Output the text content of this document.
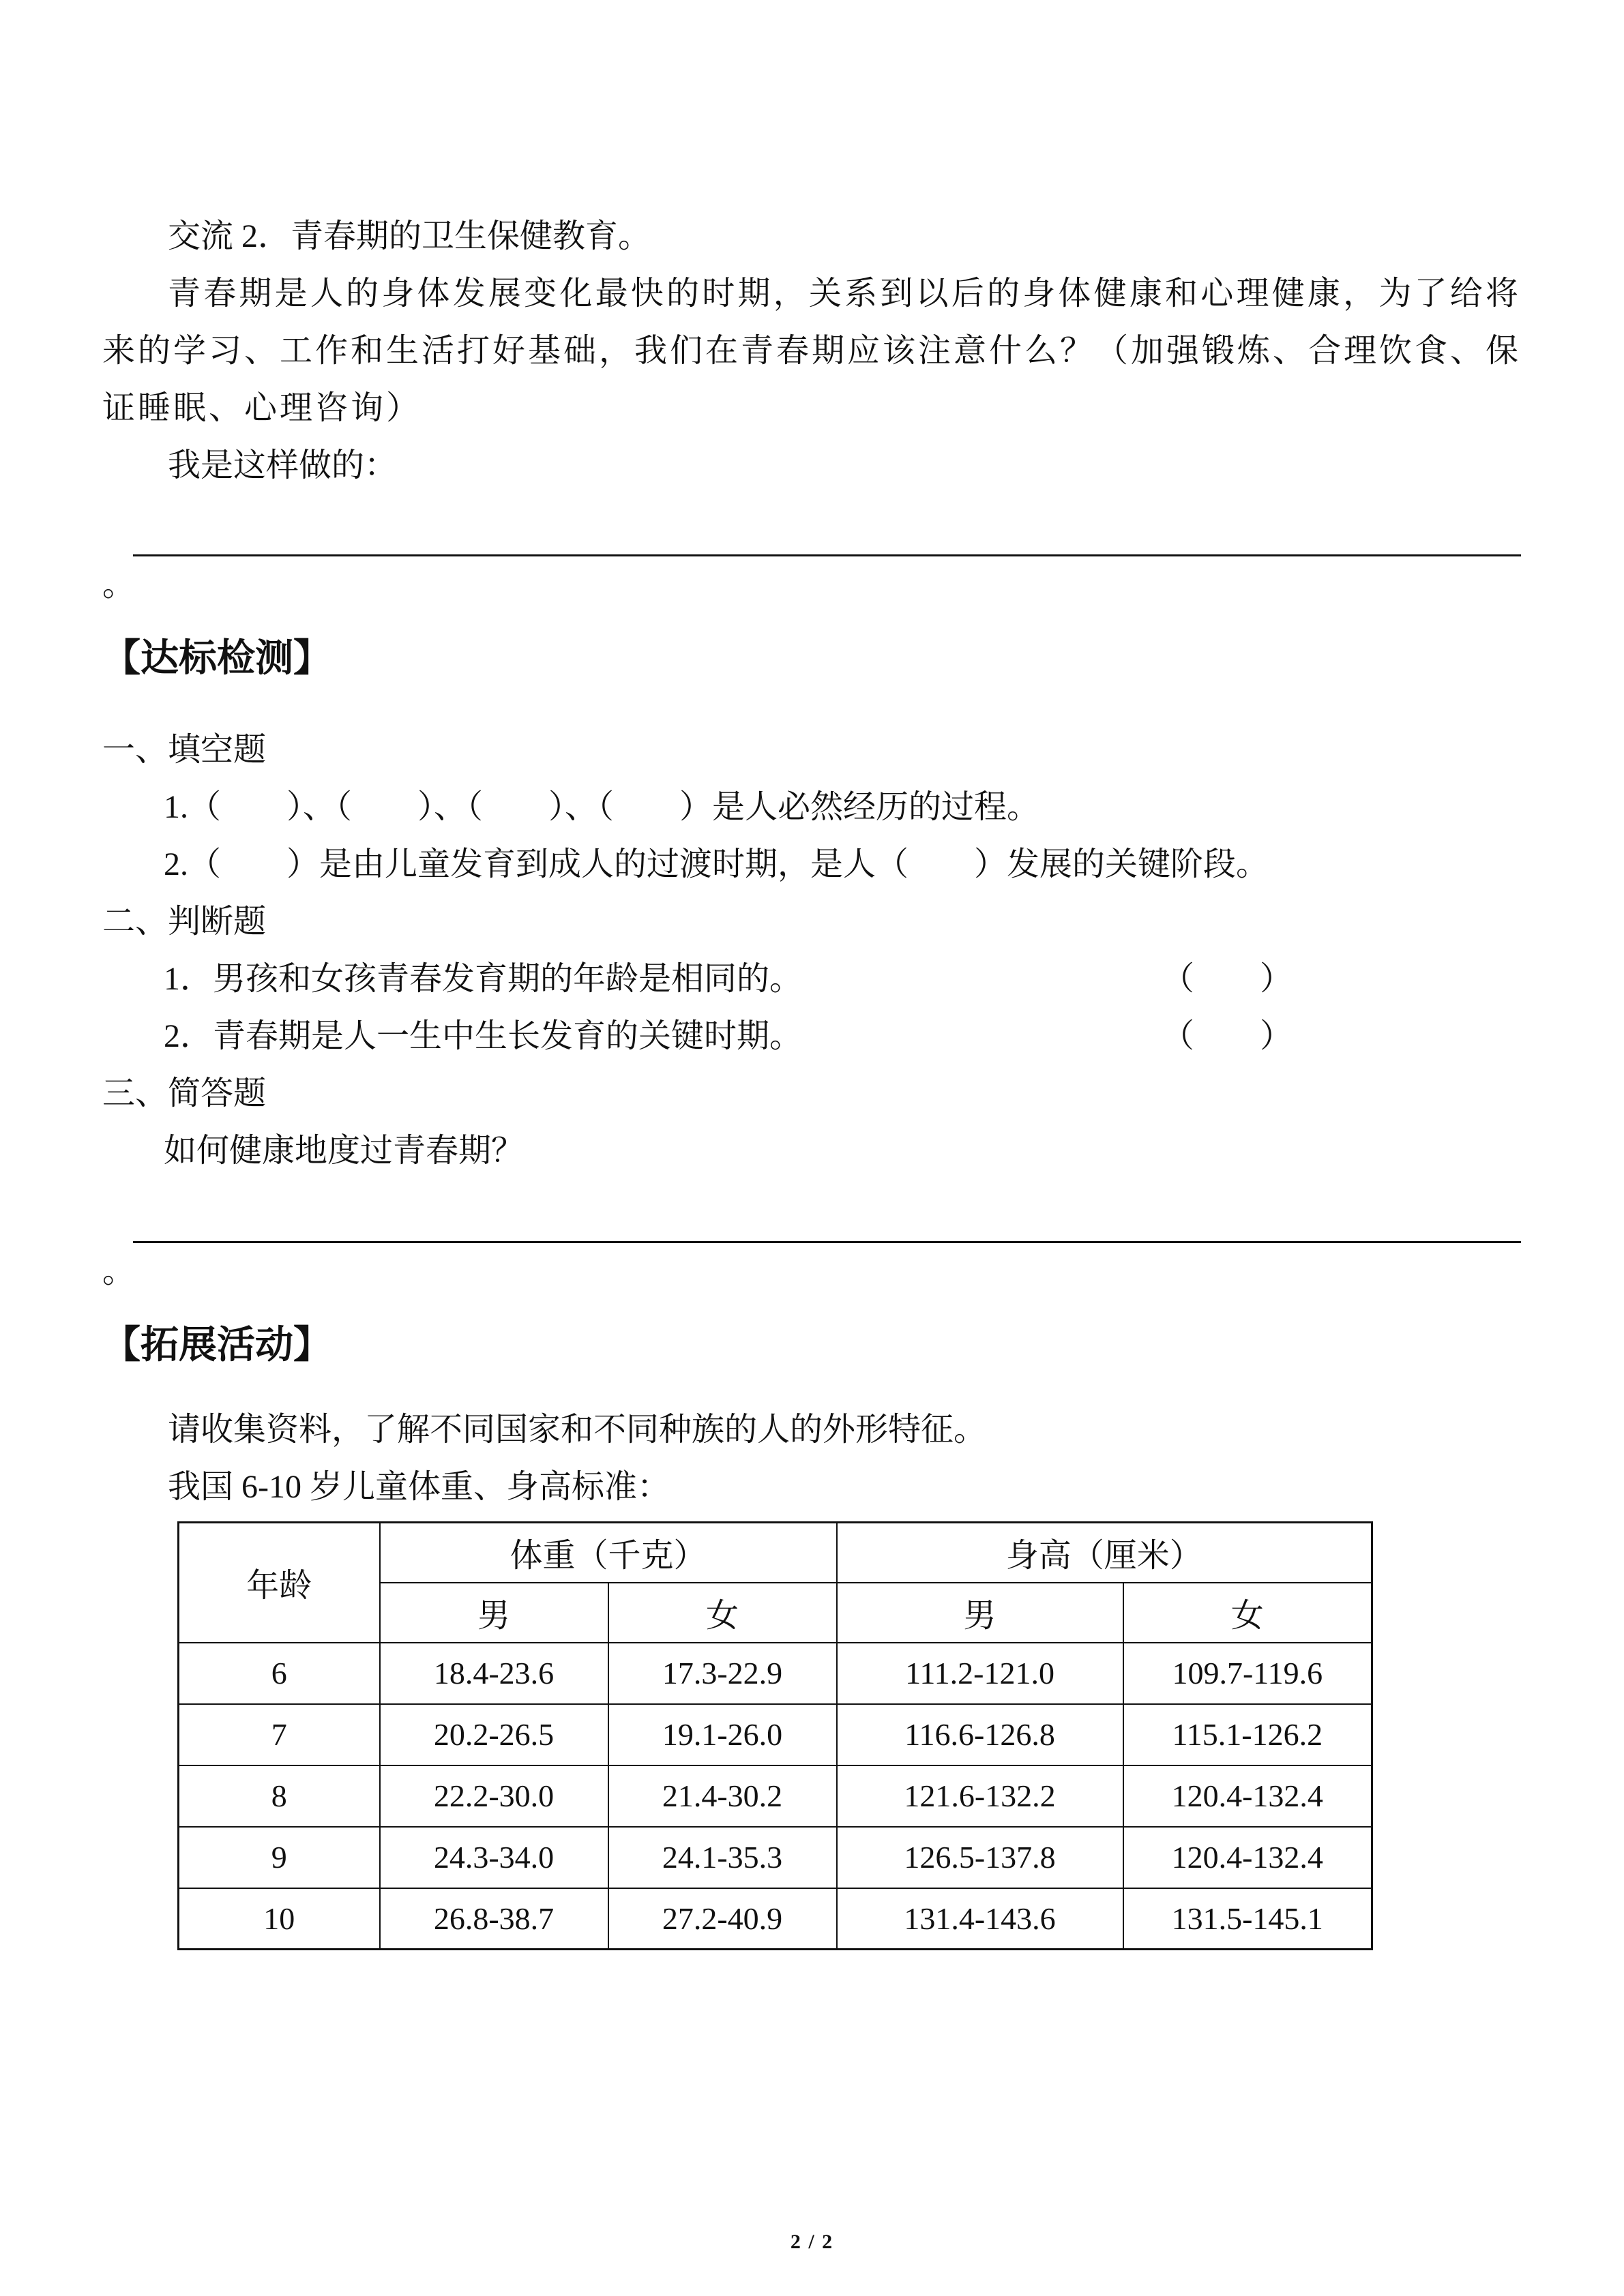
交流 2．青春期的卫生保健教育。

青春期是人的身体发展变化最快的时期，关系到以后的身体健康和心理健康，为了给将来的学习、工作和生活打好基础，我们在青春期应该注意什么？（加强锻炼、合理饮食、保证睡眠、心理咨询）

我是这样做的：

。

【达标检测】

一、填空题

1.（　　）、（　　）、（　　）、（　　）是人必然经历的过程。

2.（　　）是由儿童发育到成人的过渡时期，是人（　　）发展的关键阶段。

二、判断题

1．男孩和女孩青春发育期的年龄是相同的。	（　　）
2．青春期是人一生中生长发育的关键时期。	（　　）

三、简答题

如何健康地度过青春期？

。

【拓展活动】

请收集资料，了解不同国家和不同种族的人的外形特征。

我国 6-10 岁儿童体重、身高标准：

年龄	体重（千克）		身高（厘米）	
	男	女	男	女
6	18.4-23.6	17.3-22.9	111.2-121.0	109.7-119.6
7	20.2-26.5	19.1-26.0	116.6-126.8	115.1-126.2
8	22.2-30.0	21.4-30.2	121.6-132.2	120.4-132.4
9	24.3-34.0	24.1-35.3	126.5-137.8	120.4-132.4
10	26.8-38.7	27.2-40.9	131.4-143.6	131.5-145.1
2 / 2
